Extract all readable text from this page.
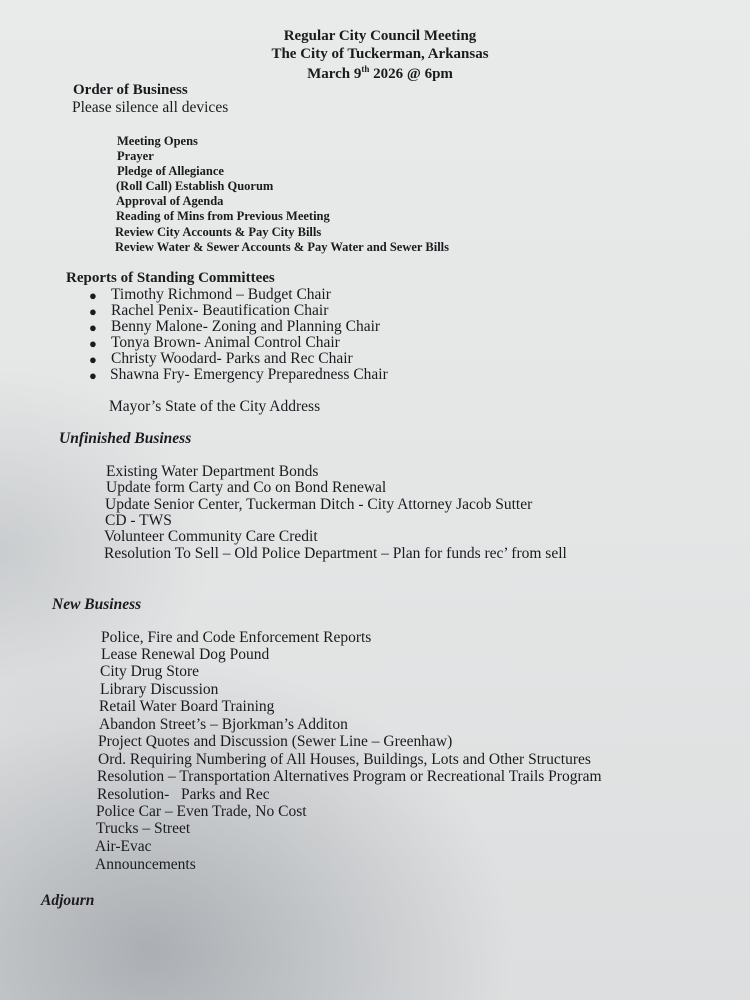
Regular City Council Meeting
The City of Tuckerman, Arkansas
March 9th 2026 @ 6pm
Order of Business
Please silence all devices
Meeting Opens
Prayer
Pledge of Allegiance
(Roll Call) Establish Quorum
Approval of Agenda
Reading of Mins from Previous Meeting
Review City Accounts & Pay City Bills
Review Water & Sewer Accounts & Pay Water and Sewer Bills
Reports of Standing Committees
● Timothy Richmond – Budget Chair
● Rachel Penix- Beautification Chair
● Benny Malone- Zoning and Planning Chair
● Tonya Brown- Animal Control Chair
● Christy Woodard- Parks and Rec Chair
● Shawna Fry- Emergency Preparedness Chair
Mayor’s State of the City Address
Unfinished Business
Existing Water Department Bonds
Update form Carty and Co on Bond Renewal
Update Senior Center, Tuckerman Ditch - City Attorney Jacob Sutter
CD - TWS
Volunteer Community Care Credit
Resolution To Sell – Old Police Department – Plan for funds rec’ from sell
New Business
Police, Fire and Code Enforcement Reports
Lease Renewal Dog Pound
City Drug Store
Library Discussion
Retail Water Board Training
Abandon Street’s – Bjorkman’s Additon
Project Quotes and Discussion (Sewer Line – Greenhaw)
Ord. Requiring Numbering of All Houses, Buildings, Lots and Other Structures
Resolution – Transportation Alternatives Program or Recreational Trails Program
Resolution-   Parks and Rec
Police Car – Even Trade, No Cost
Trucks – Street
Air-Evac
Announcements
Adjourn
